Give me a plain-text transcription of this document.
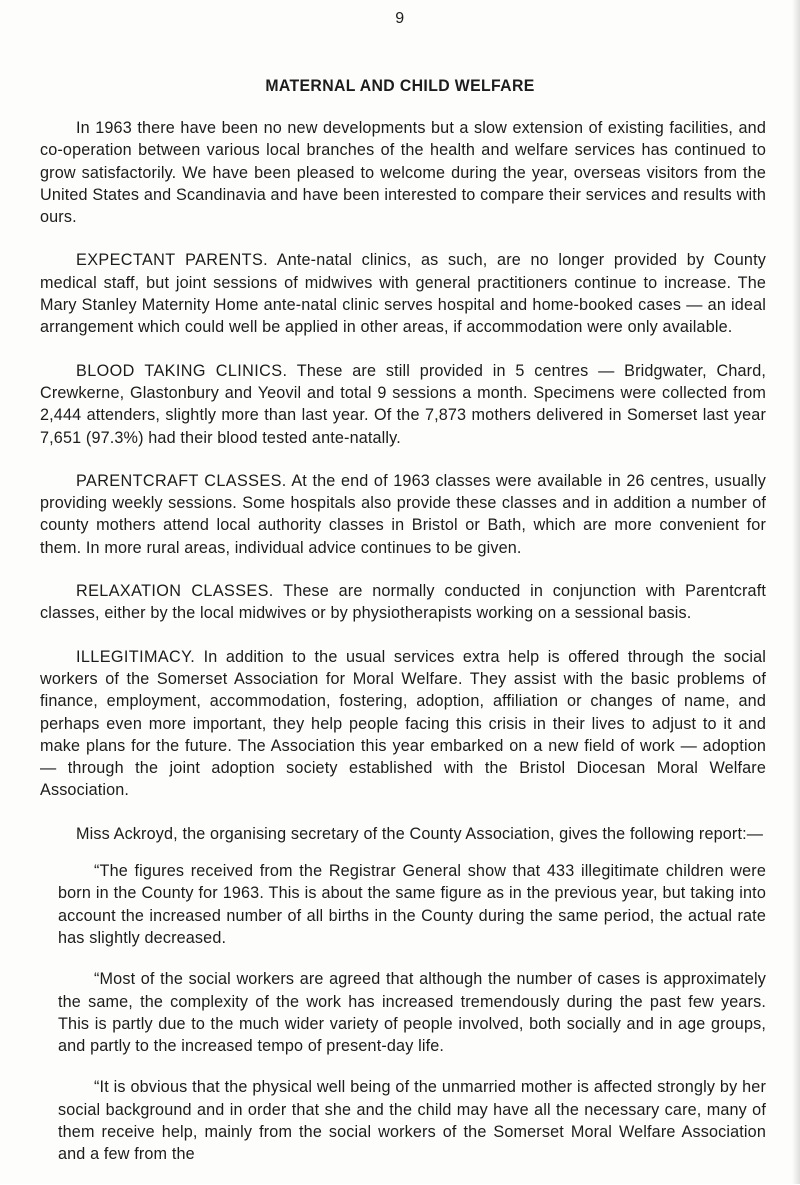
9
MATERNAL AND CHILD WELFARE

In 1963 there have been no new developments but a slow extension of existing facilities, and co-operation between various local branches of the health and welfare services has continued to grow satisfactorily. We have been pleased to welcome during the year, overseas visitors from the United States and Scandinavia and have been interested to compare their services and results with ours.

EXPECTANT PARENTS. Ante-natal clinics, as such, are no longer provided by County medical staff, but joint sessions of midwives with general practitioners continue to increase. The Mary Stanley Maternity Home ante-natal clinic serves hospital and home-booked cases — an ideal arrangement which could well be applied in other areas, if accommodation were only available.

BLOOD TAKING CLINICS. These are still provided in 5 centres — Bridgwater, Chard, Crewkerne, Glastonbury and Yeovil and total 9 sessions a month. Specimens were collected from 2,444 attenders, slightly more than last year. Of the 7,873 mothers delivered in Somerset last year 7,651 (97.3%) had their blood tested ante-natally.

PARENTCRAFT CLASSES. At the end of 1963 classes were available in 26 centres, usually providing weekly sessions. Some hospitals also provide these classes and in addition a number of county mothers attend local authority classes in Bristol or Bath, which are more convenient for them. In more rural areas, individual advice continues to be given.

RELAXATION CLASSES. These are normally conducted in conjunction with Parentcraft classes, either by the local midwives or by physiotherapists working on a sessional basis.

ILLEGITIMACY. In addition to the usual services extra help is offered through the social workers of the Somerset Association for Moral Welfare. They assist with the basic problems of finance, employment, accommodation, fostering, adoption, affiliation or changes of name, and perhaps even more important, they help people facing this crisis in their lives to adjust to it and make plans for the future. The Association this year embarked on a new field of work — adoption — through the joint adoption society established with the Bristol Diocesan Moral Welfare Association.

Miss Ackroyd, the organising secretary of the County Association, gives the following report:—

“The figures received from the Registrar General show that 433 illegitimate children were born in the County for 1963. This is about the same figure as in the previous year, but taking into account the increased number of all births in the County during the same period, the actual rate has slightly decreased.

“Most of the social workers are agreed that although the number of cases is approximately the same, the complexity of the work has increased tremendously during the past few years. This is partly due to the much wider variety of people involved, both socially and in age groups, and partly to the increased tempo of present-day life.

“It is obvious that the physical well being of the unmarried mother is affected strongly by her social background and in order that she and the child may have all the necessary care, many of them receive help, mainly from the social workers of the Somerset Moral Welfare Association and a few from the
